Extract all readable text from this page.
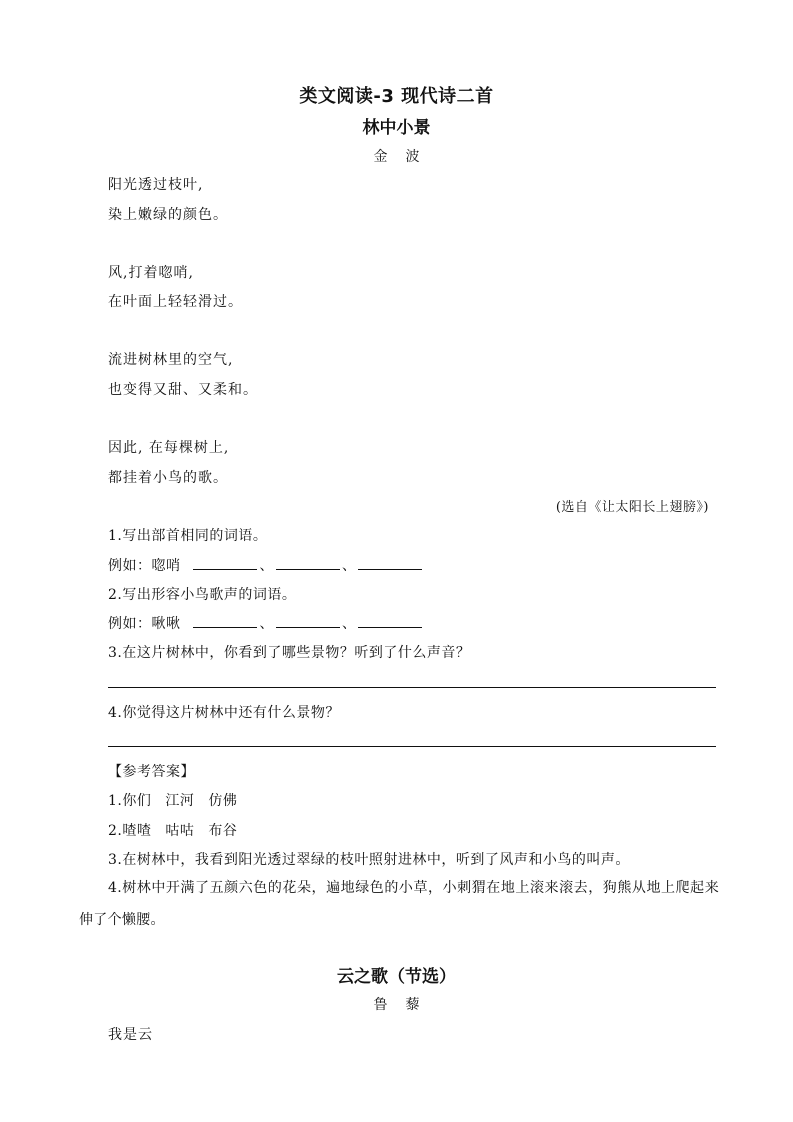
类文阅读-3 现代诗二首
林中小景
金 波
阳光透过枝叶,
染上嫩绿的颜色。
风,打着唿哨,
在叶面上轻轻滑过。
流进树林里的空气,
也变得又甜、又柔和。
因此, 在每棵树上,
都挂着小鸟的歌。
(选自《让太阳长上翅膀》)
1.写出部首相同的词语。
例如：唿哨	、	、
2.写出形容小鸟歌声的词语。
例如：啾啾	、	、
3.在这片树林中，你看到了哪些景物？听到了什么声音？
4.你觉得这片树林中还有什么景物？
【参考答案】
1.你们 江河 仿佛
2.喳喳 咕咕 布谷
3.在树林中，我看到阳光透过翠绿的枝叶照射进林中，听到了风声和小鸟的叫声。
4.树林中开满了五颜六色的花朵，遍地绿色的小草，小刺猬在地上滚来滚去，狗熊从地上爬起来伸了个懒腰。
云之歌（节选）
鲁 藜
我是云
